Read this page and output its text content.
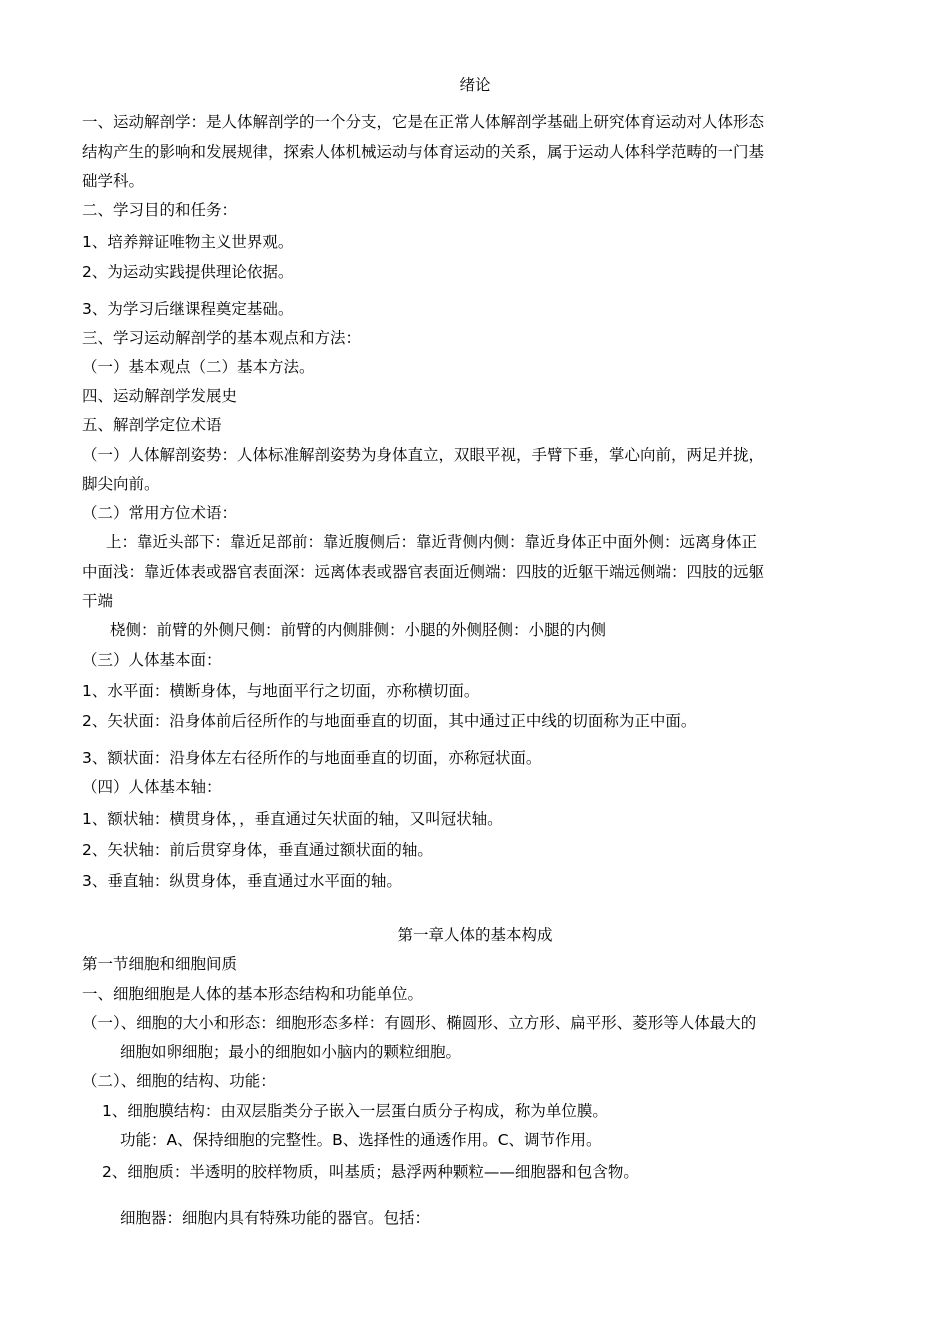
绪论
一、运动解剖学：是人体解剖学的一个分支，它是在正常人体解剖学基础上研究体育运动对人体形态
结构产生的影响和发展规律，探索人体机械运动与体育运动的关系，属于运动人体科学范畴的一门基
础学科。
二、学习目的和任务：
1、培养辩证唯物主义世界观。
2、为运动实践提供理论依据。
3、为学习后继课程奠定基础。
三、学习运动解剖学的基本观点和方法：
（一）基本观点（二）基本方法。
四、运动解剖学发展史
五、解剖学定位术语
（一）人体解剖姿势：人体标准解剖姿势为身体直立，双眼平视，手臂下垂，掌心向前，两足并拢，
脚尖向前。
（二）常用方位术语：
上：靠近头部下：靠近足部前：靠近腹侧后：靠近背侧内侧：靠近身体正中面外侧：远离身体正
中面浅：靠近体表或器官表面深：远离体表或器官表面近侧端：四肢的近躯干端远侧端：四肢的远躯
干端
桡侧：前臂的外侧尺侧：前臂的内侧腓侧：小腿的外侧胫侧：小腿的内侧
（三）人体基本面：
1、水平面：横断身体，与地面平行之切面，亦称横切面。
2、矢状面：沿身体前后径所作的与地面垂直的切面，其中通过正中线的切面称为正中面。
3、额状面：沿身体左右径所作的与地面垂直的切面，亦称冠状面。
（四）人体基本轴：
1、额状轴：横贯身体，，垂直通过矢状面的轴，又叫冠状轴。
2、矢状轴：前后贯穿身体，垂直通过额状面的轴。
3、垂直轴：纵贯身体，垂直通过水平面的轴。
第一章人体的基本构成
第一节细胞和细胞间质
一、细胞细胞是人体的基本形态结构和功能单位。
（一）、细胞的大小和形态：细胞形态多样：有圆形、椭圆形、立方形、扁平形、菱形等人体最大的
细胞如卵细胞；最小的细胞如小脑内的颗粒细胞。
（二）、细胞的结构、功能：
1、细胞膜结构：由双层脂类分子嵌入一层蛋白质分子构成，称为单位膜。
功能：A、保持细胞的完整性。B、选择性的通透作用。C、调节作用。
2、细胞质：半透明的胶样物质，叫基质；悬浮两种颗粒——细胞器和包含物。
细胞器：细胞内具有特殊功能的器官。包括：
